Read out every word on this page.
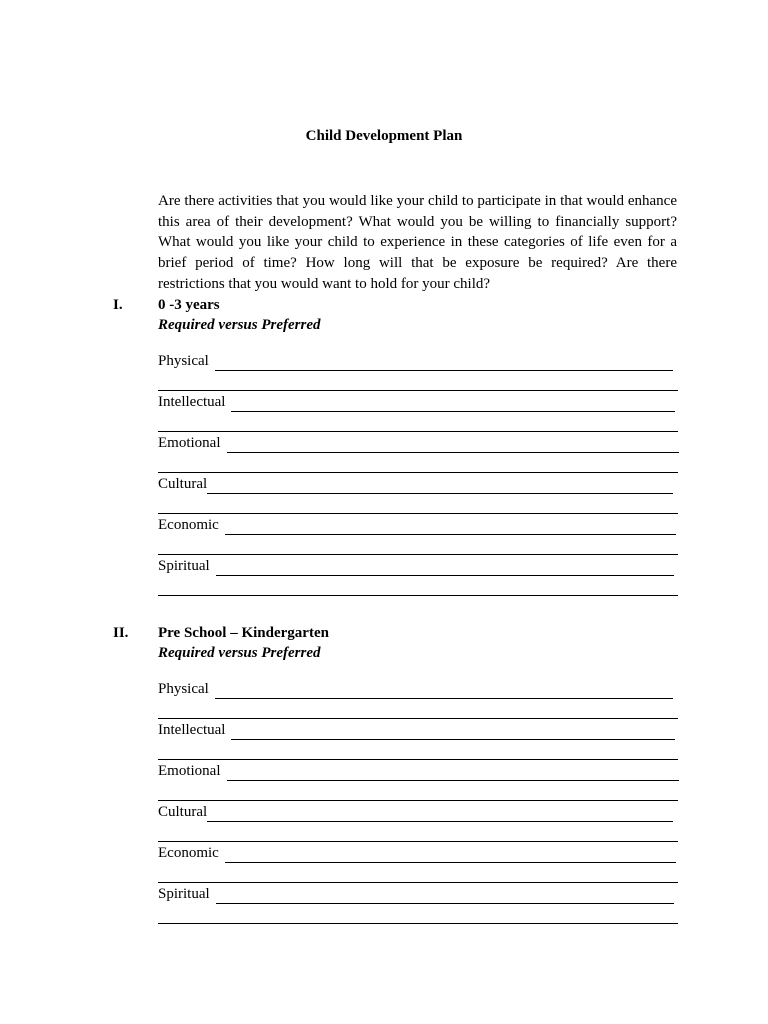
Child Development Plan
Are there activities that you would like your child to participate in that would enhance this area of their development? What would you be willing to financially support? What would you like your child to experience in these categories of life even for a brief period of time? How long will that be exposure be required? Are there restrictions that you would want to hold for your child?
I. 0 -3 years
Required versus Preferred
Physical
Intellectual
Emotional
Cultural
Economic
Spiritual
II. Pre School – Kindergarten
Required versus Preferred
Physical
Intellectual
Emotional
Cultural
Economic
Spiritual
